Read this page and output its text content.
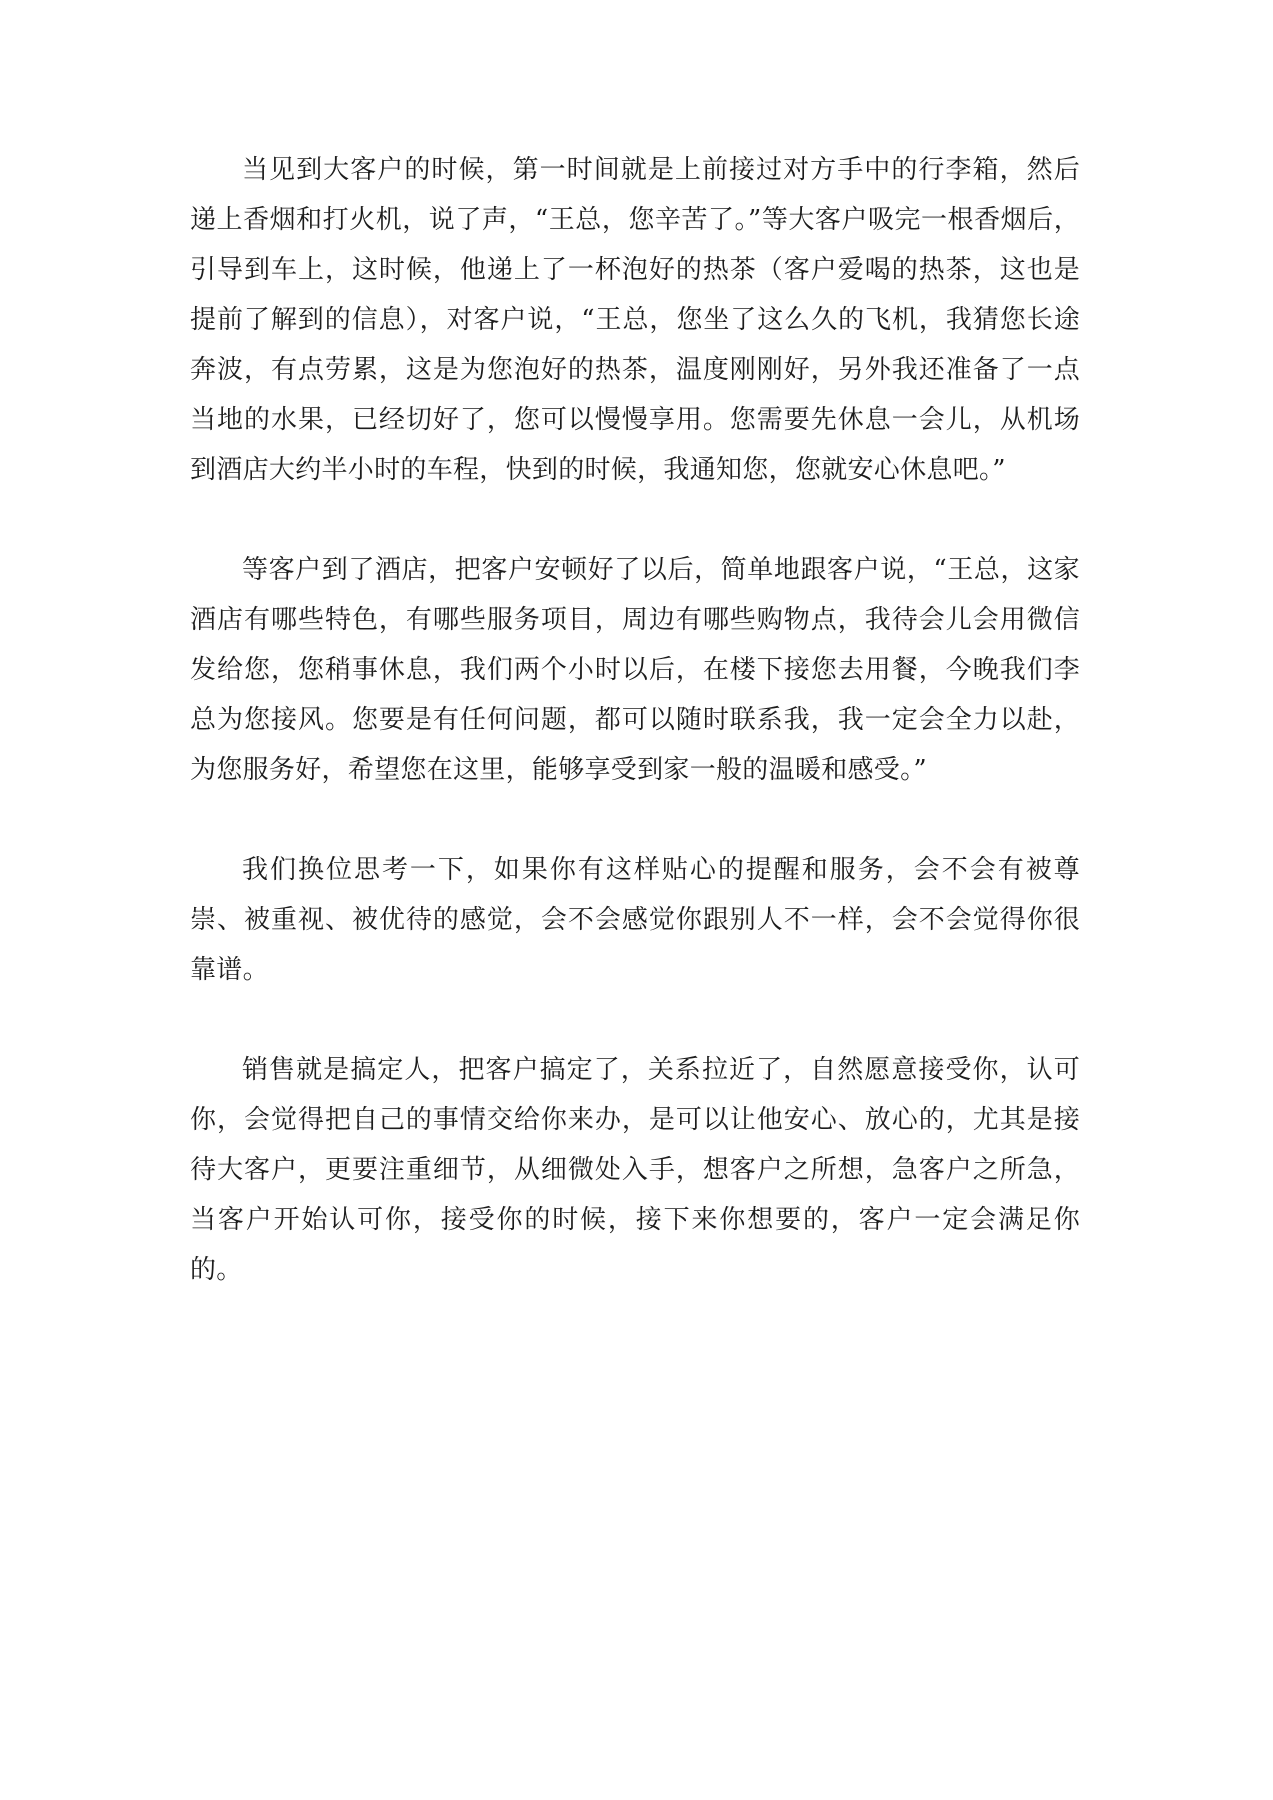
当见到大客户的时候，第一时间就是上前接过对方手中的行李箱，然后递上香烟和打火机，说了声，“王总，您辛苦了。”等大客户吸完一根香烟后，引导到车上，这时候，他递上了一杯泡好的热茶（客户爱喝的热茶，这也是提前了解到的信息），对客户说，“王总，您坐了这么久的飞机，我猜您长途奔波，有点劳累，这是为您泡好的热茶，温度刚刚好，另外我还准备了一点当地的水果，已经切好了，您可以慢慢享用。您需要先休息一会儿，从机场到酒店大约半小时的车程，快到的时候，我通知您，您就安心休息吧。”

等客户到了酒店，把客户安顿好了以后，简单地跟客户说，“王总，这家酒店有哪些特色，有哪些服务项目，周边有哪些购物点，我待会儿会用微信发给您，您稍事休息，我们两个小时以后，在楼下接您去用餐，今晚我们李总为您接风。您要是有任何问题，都可以随时联系我，我一定会全力以赴，为您服务好，希望您在这里，能够享受到家一般的温暖和感受。”

我们换位思考一下，如果你有这样贴心的提醒和服务，会不会有被尊崇、被重视、被优待的感觉，会不会感觉你跟别人不一样，会不会觉得你很靠谱。

销售就是搞定人，把客户搞定了，关系拉近了，自然愿意接受你，认可你，会觉得把自己的事情交给你来办，是可以让他安心、放心的，尤其是接待大客户，更要注重细节，从细微处入手，想客户之所想，急客户之所急，当客户开始认可你，接受你的时候，接下来你想要的，客户一定会满足你的。
